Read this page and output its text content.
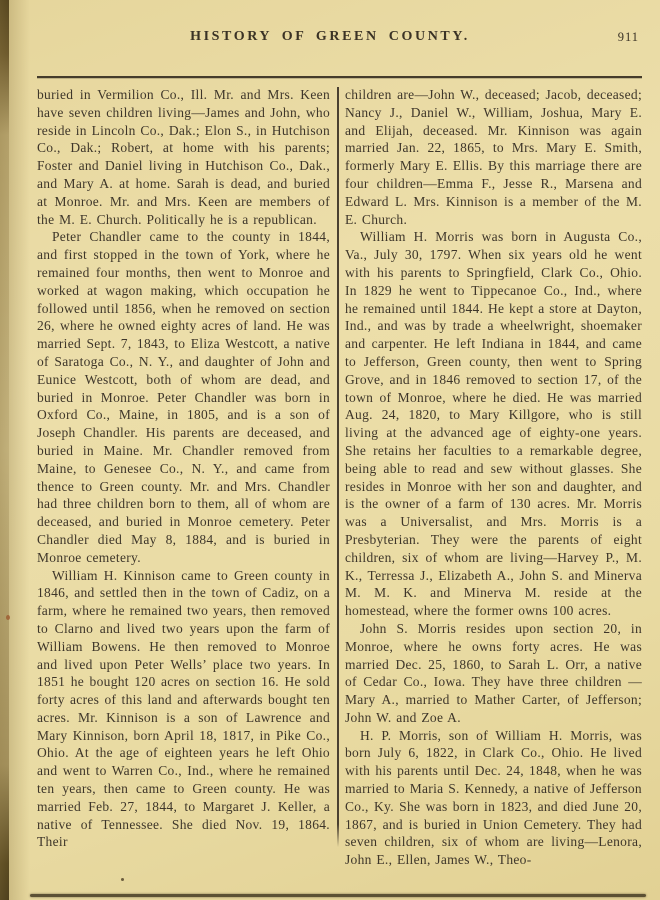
HISTORY OF GREEN COUNTY.	911

buried in Vermilion Co., Ill. Mr. and Mrs. Keen have seven children living—James and John, who reside in Lincoln Co., Dak.; Elon S., in Hutchison Co., Dak.; Robert, at home with his parents; Foster and Daniel living in Hutchison Co., Dak., and Mary A. at home. Sarah is dead, and buried at Monroe. Mr. and Mrs. Keen are members of the M. E. Church. Politically he is a republican.

Peter Chandler came to the county in 1844, and first stopped in the town of York, where he remained four months, then went to Monroe and worked at wagon making, which occupation he followed until 1856, when he removed on section 26, where he owned eighty acres of land. He was married Sept. 7, 1843, to Eliza Westcott, a native of Saratoga Co., N. Y., and daughter of John and Eunice Westcott, both of whom are dead, and buried in Monroe. Peter Chandler was born in Oxford Co., Maine, in 1805, and is a son of Joseph Chandler. His parents are deceased, and buried in Maine. Mr. Chandler removed from Maine, to Genesee Co., N. Y., and came from thence to Green county. Mr. and Mrs. Chandler had three children born to them, all of whom are deceased, and buried in Monroe cemetery. Peter Chandler died May 8, 1884, and is buried in Monroe cemetery.

William H. Kinnison came to Green county in 1846, and settled then in the town of Cadiz, on a farm, where he remained two years, then removed to Clarno and lived two years upon the farm of William Bowens. He then removed to Monroe and lived upon Peter Wells’ place two years. In 1851 he bought 120 acres on section 16. He sold forty acres of this land and afterwards bought ten acres. Mr. Kinnison is a son of Lawrence and Mary Kinnison, born April 18, 1817, in Pike Co., Ohio. At the age of eighteen years he left Ohio and went to Warren Co., Ind., where he remained ten years, then came to Green county. He was married Feb. 27, 1844, to Margaret J. Keller, a native of Tennessee. She died Nov. 19, 1864. Their

children are—John W., deceased; Jacob, deceased; Nancy J., Daniel W., William, Joshua, Mary E. and Elijah, deceased. Mr. Kinnison was again married Jan. 22, 1865, to Mrs. Mary E. Smith, formerly Mary E. Ellis. By this marriage there are four children—Emma F., Jesse R., Marsena and Edward L. Mrs. Kinnison is a member of the M. E. Church.

William H. Morris was born in Augusta Co., Va., July 30, 1797. When six years old he went with his parents to Springfield, Clark Co., Ohio. In 1829 he went to Tippecanoe Co., Ind., where he remained until 1844. He kept a store at Dayton, Ind., and was by trade a wheelwright, shoemaker and carpenter. He left Indiana in 1844, and came to Jefferson, Green county, then went to Spring Grove, and in 1846 removed to section 17, of the town of Monroe, where he died. He was married Aug. 24, 1820, to Mary Killgore, who is still living at the advanced age of eighty-one years. She retains her faculties to a remarkable degree, being able to read and sew without glasses. She resides in Monroe with her son and daughter, and is the owner of a farm of 130 acres. Mr. Morris was a Universalist, and Mrs. Morris is a Presbyterian. They were the parents of eight children, six of whom are living—Harvey P., M. K., Terressa J., Elizabeth A., John S. and Minerva M. M. K. and Minerva M. reside at the homestead, where the former owns 100 acres.

John S. Morris resides upon section 20, in Monroe, where he owns forty acres. He was married Dec. 25, 1860, to Sarah L. Orr, a native of Cedar Co., Iowa. They have three children —Mary A., married to Mather Carter, of Jefferson; John W. and Zoe A.

H. P. Morris, son of William H. Morris, was born July 6, 1822, in Clark Co., Ohio. He lived with his parents until Dec. 24, 1848, when he was married to Maria S. Kennedy, a native of Jefferson Co., Ky. She was born in 1823, and died June 20, 1867, and is buried in Union Cemetery. They had seven children, six of whom are living—Lenora, John E., Ellen, James W., Theo-
